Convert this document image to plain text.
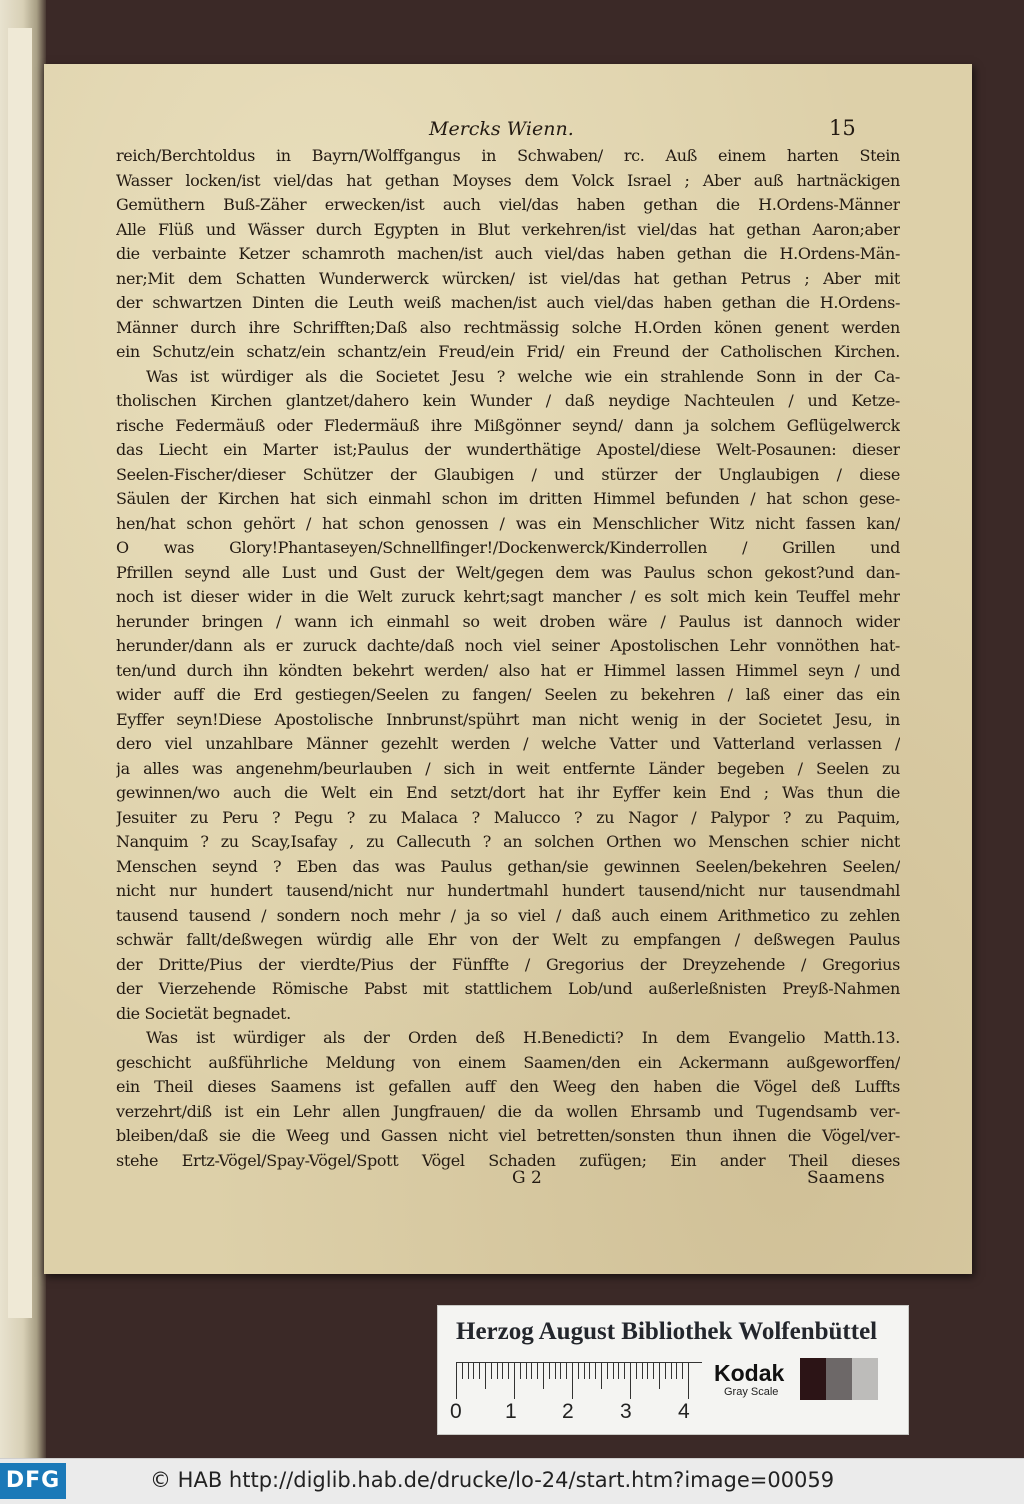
Mercks Wienn.	15
reich/Berchtoldus in Bayrn/Wolffgangus in Schwaben/ rc. Auß einem harten Stein
Wasser locken/ist viel/das hat gethan Moyses dem Volck Israel ; Aber auß hartnäckigen
Gemüthern Buß-Zäher erwecken/ist auch viel/das haben gethan die H.Ordens-Männer
Alle Flüß und Wässer durch Egypten in Blut verkehren/ist viel/das hat gethan Aaron;aber
die verbainte Ketzer schamroth machen/ist auch viel/das haben gethan die H.Ordens-Män-
ner;Mit dem Schatten Wunderwerck würcken/ ist viel/das hat gethan Petrus ; Aber mit
der schwartzen Dinten die Leuth weiß machen/ist auch viel/das haben gethan die H.Ordens-
Männer durch ihre Schrifften;Daß also rechtmässig solche H.Orden könen genent werden
ein Schutz/ein schatz/ein schantz/ein Freud/ein Frid/ ein Freund der Catholischen Kirchen.
Was ist würdiger als die Societet Jesu ? welche wie ein strahlende Sonn in der Ca-
tholischen Kirchen glantzet/dahero kein Wunder / daß neydige Nachteulen / und Ketze-
rische Federmäuß oder Fledermäuß ihre Mißgönner seynd/ dann ja solchem Geflügelwerck
das Liecht ein Marter ist;Paulus der wunderthätige Apostel/diese Welt-Posaunen: dieser
Seelen-Fischer/dieser Schützer der Glaubigen / und stürzer der Unglaubigen / diese
Säulen der Kirchen hat sich einmahl schon im dritten Himmel befunden / hat schon gese-
hen/hat schon gehört / hat schon genossen / was ein Menschlicher Witz nicht fassen kan/
O was Glory!Phantaseyen/Schnellfinger!/Dockenwerck/Kinderrollen / Grillen und
Pfrillen seynd alle Lust und Gust der Welt/gegen dem was Paulus schon gekost?und dan-
noch ist dieser wider in die Welt zuruck kehrt;sagt mancher / es solt mich kein Teuffel mehr
herunder bringen / wann ich einmahl so weit droben wäre / Paulus ist dannoch wider
herunder/dann als er zuruck dachte/daß noch viel seiner Apostolischen Lehr vonnöthen hat-
ten/und durch ihn köndten bekehrt werden/ also hat er Himmel lassen Himmel seyn / und
wider auff die Erd gestiegen/Seelen zu fangen/ Seelen zu bekehren / laß einer das ein
Eyffer seyn!Diese Apostolische Innbrunst/spührt man nicht wenig in der Societet Jesu, in
dero viel unzahlbare Männer gezehlt werden / welche Vatter und Vatterland verlassen /
ja alles was angenehm/beurlauben / sich in weit entfernte Länder begeben / Seelen zu
gewinnen/wo auch die Welt ein End setzt/dort hat ihr Eyffer kein End ; Was thun die
Jesuiter zu Peru ? Pegu ? zu Malaca ? Malucco ? zu Nagor / Palypor ? zu Paquim,
Nanquim ? zu Scay,Isafay , zu Callecuth ? an solchen Orthen wo Menschen schier nicht
Menschen seynd ? Eben das was Paulus gethan/sie gewinnen Seelen/bekehren Seelen/
nicht nur hundert tausend/nicht nur hundertmahl hundert tausend/nicht nur tausendmahl
tausend tausend / sondern noch mehr / ja so viel / daß auch einem Arithmetico zu zehlen
schwär fallt/deßwegen würdig alle Ehr von der Welt zu empfangen / deßwegen Paulus
der Dritte/Pius der vierdte/Pius der Fünffte / Gregorius der Dreyzehende / Gregorius
der Vierzehende Römische Pabst mit stattlichem Lob/und außerleßnisten Preyß-Nahmen
die Societät begnadet.
Was ist würdiger als der Orden deß H.Benedicti? In dem Evangelio Matth.13.
geschicht außführliche Meldung von einem Saamen/den ein Ackermann außgeworffen/
ein Theil dieses Saamens ist gefallen auff den Weeg den haben die Vögel deß Luffts
verzehrt/diß ist ein Lehr allen Jungfrauen/ die da wollen Ehrsamb und Tugendsamb ver-
bleiben/daß sie die Weeg und Gassen nicht viel betretten/sonsten thun ihnen die Vögel/ver-
stehe Ertz-Vögel/Spay-Vögel/Spott Vögel Schaden zufügen; Ein ander Theil dieses
G 2	Saamens
Herzog August Bibliothek Wolfenbüttel
0 1 2 3 4
Kodak
Gray Scale
DFG	© HAB http://diglib.hab.de/drucke/lo-24/start.htm?image=00059
